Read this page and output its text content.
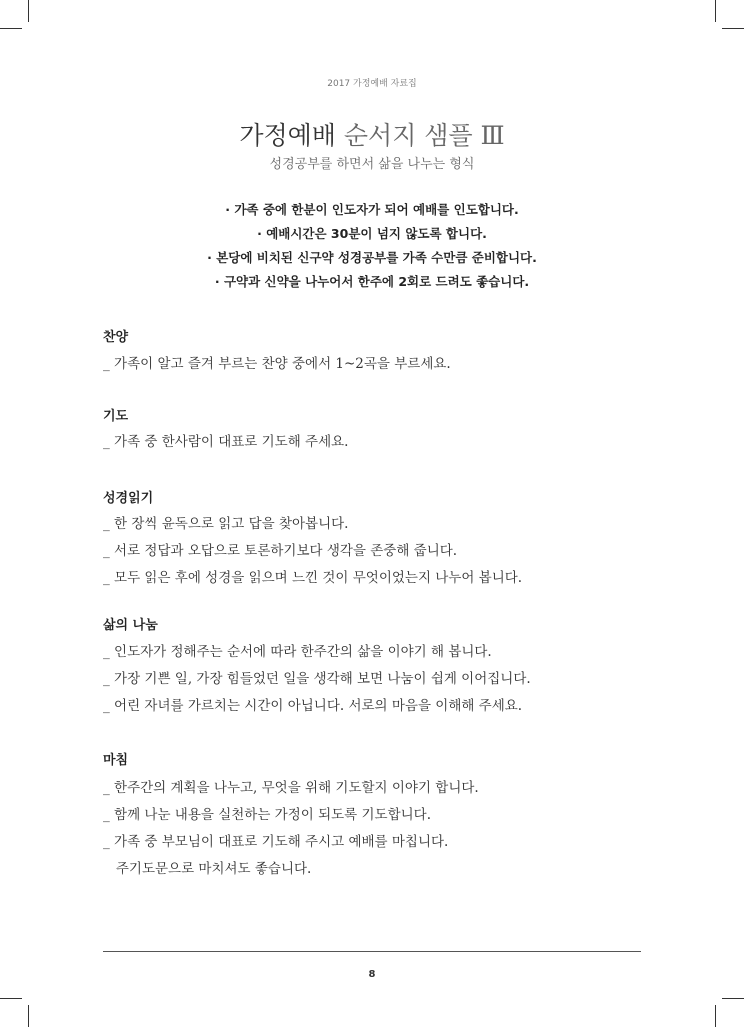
2017 가정예배 자료집
가정예배 순서지 샘플 Ⅲ
성경공부를 하면서 삶을 나누는 형식
· 가족 중에 한분이 인도자가 되어 예배를 인도합니다.
· 예배시간은 30분이 넘지 않도록 합니다.
· 본당에 비치된 신구약 성경공부를 가족 수만큼 준비합니다.
· 구약과 신약을 나누어서 한주에 2회로 드려도 좋습니다.
찬양
_ 가족이 알고 즐겨 부르는 찬양 중에서 1~2곡을 부르세요.
기도
_ 가족 중 한사람이 대표로 기도해 주세요.
성경읽기
_ 한 장씩 윤독으로 읽고 답을 찾아봅니다.
_ 서로 정답과 오답으로 토론하기보다 생각을 존중해 줍니다.
_ 모두 읽은 후에 성경을 읽으며 느낀 것이 무엇이었는지 나누어 봅니다.
삶의 나눔
_ 인도자가 정해주는 순서에 따라 한주간의 삶을 이야기 해 봅니다.
_ 가장 기쁜 일, 가장 힘들었던 일을 생각해 보면 나눔이 쉽게 이어집니다.
_ 어린 자녀를 가르치는 시간이 아닙니다. 서로의 마음을 이해해 주세요.
마침
_ 한주간의 계획을 나누고, 무엇을 위해 기도할지 이야기 합니다.
_ 함께 나눈 내용을 실천하는 가정이 되도록 기도합니다.
_ 가족 중 부모님이 대표로 기도해 주시고 예배를 마칩니다.
주기도문으로 마치셔도 좋습니다.
8
